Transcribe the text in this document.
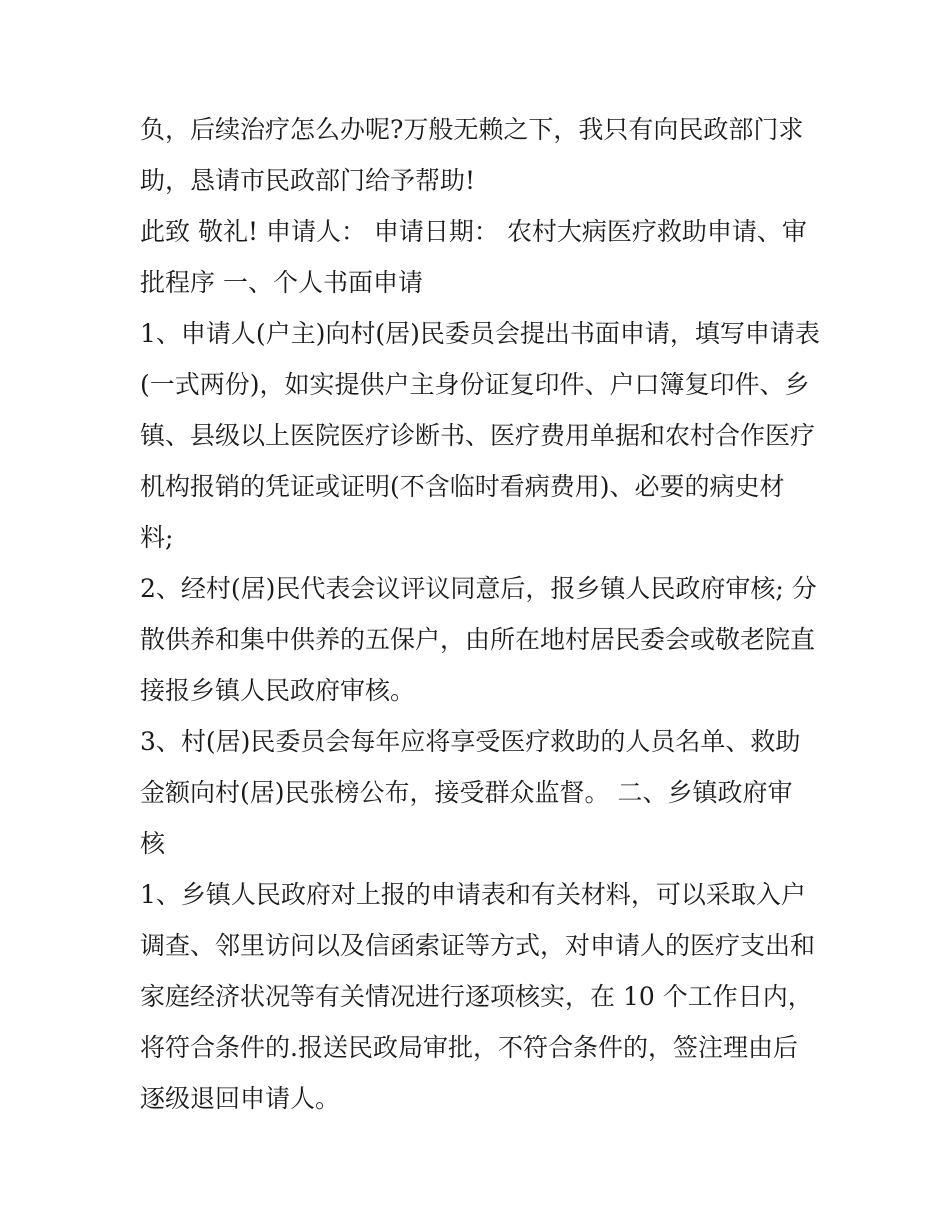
负，后续治疗怎么办呢?万般无赖之下，我只有向民政部门求
助，恳请市民政部门给予帮助!
此致 敬礼! 申请人： 申请日期： 农村大病医疗救助申请、审
批程序 一、个人书面申请
1、申请人(户主)向村(居)民委员会提出书面申请，填写申请表
(一式两份)，如实提供户主身份证复印件、户口簿复印件、乡
镇、县级以上医院医疗诊断书、医疗费用单据和农村合作医疗
机构报销的凭证或证明(不含临时看病费用)、必要的病史材
料;
2、经村(居)民代表会议评议同意后，报乡镇人民政府审核; 分
散供养和集中供养的五保户，由所在地村居民委会或敬老院直
接报乡镇人民政府审核。
3、村(居)民委员会每年应将享受医疗救助的人员名单、救助
金额向村(居)民张榜公布，接受群众监督。 二、乡镇政府审
核
1、乡镇人民政府对上报的申请表和有关材料，可以采取入户
调查、邻里访问以及信函索证等方式，对申请人的医疗支出和
家庭经济状况等有关情况进行逐项核实，在 10 个工作日内，
将符合条件的.报送民政局审批，不符合条件的，签注理由后
逐级退回申请人。
